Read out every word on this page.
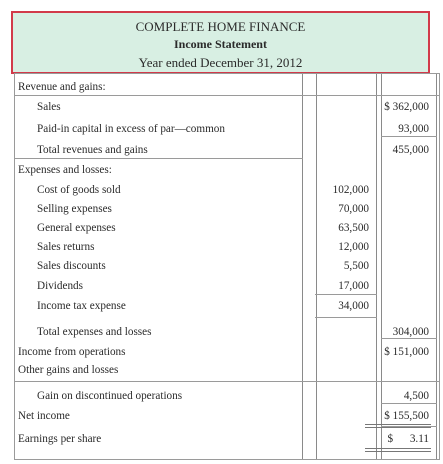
COMPLETE HOME FINANCE
Income Statement
Year ended December 31, 2012
Revenue and gains:
Sales	$ 362,000
Paid-in capital in excess of par—common	93,000
Total revenues and gains	455,000
Expenses and losses:
Cost of goods sold	102,000
Selling expenses	70,000
General expenses	63,500
Sales returns	12,000
Sales discounts	5,500
Dividends	17,000
Income tax expense	34,000
Total expenses and losses	304,000
Income from operations	$ 151,000
Other gains and losses
Gain on discontinued operations	4,500
Net income	$ 155,500
Earnings per share	$      3.11
